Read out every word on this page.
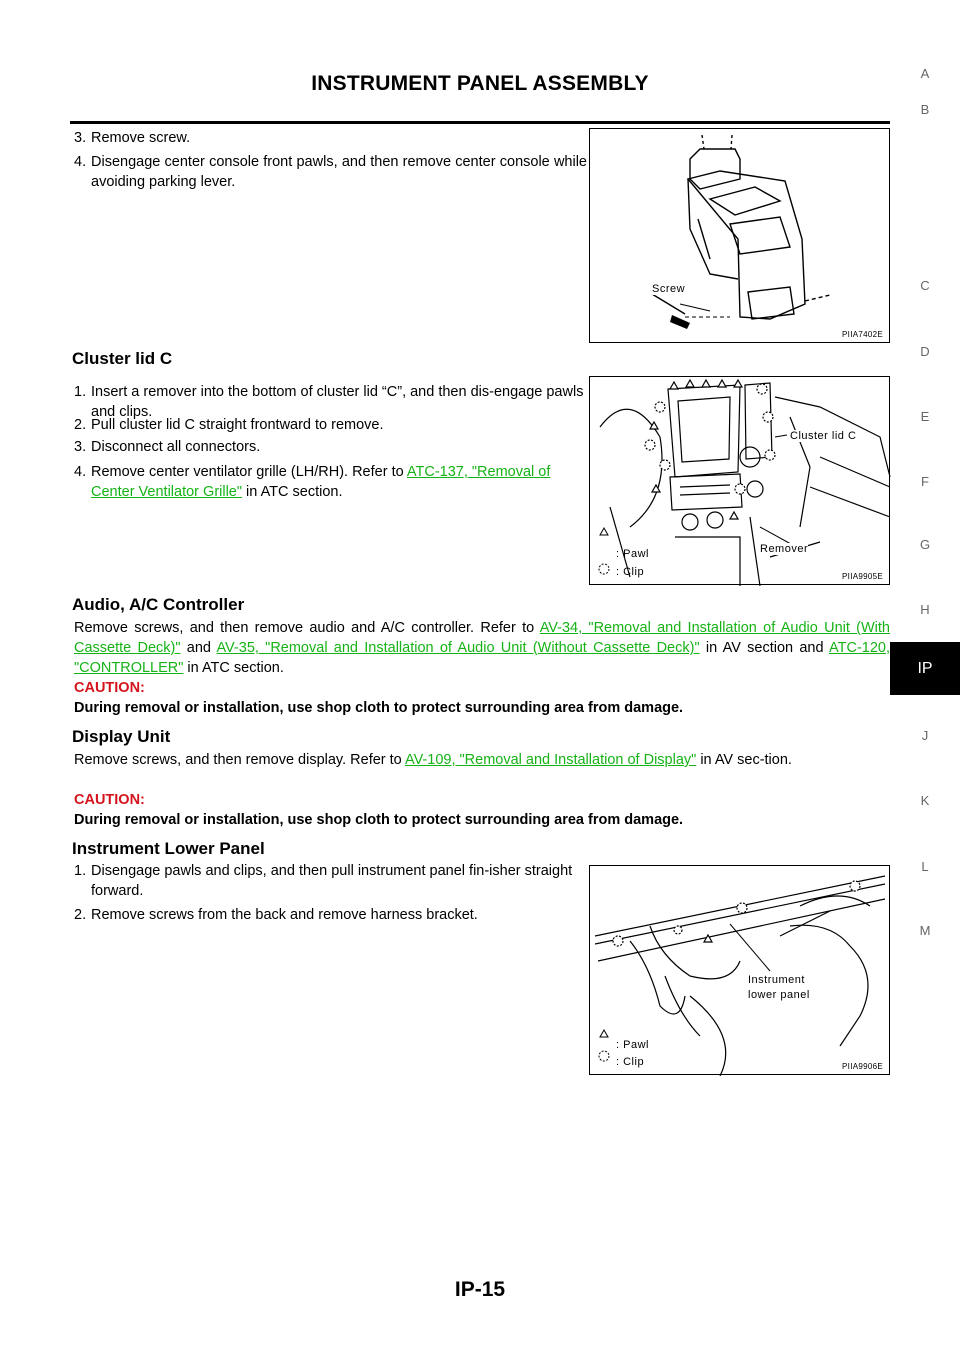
INSTRUMENT PANEL ASSEMBLY	A
B
C
D
E
F
G
H
IP
J
K
L
M
3. Remove screw.
4. Disengage center console front pawls, and then remove center console while avoiding parking lever.
Screw
PIIA7402E
Cluster lid C
1. Insert a remover into the bottom of cluster lid “C”, and then dis-engage pawls and clips.
2. Pull cluster lid C straight frontward to remove.
3. Disconnect all connectors.
4. Remove center ventilator grille (LH/RH). Refer to ATC-137, "Removal of Center Ventilator Grille" in ATC section.
Cluster lid C
Remover
: Pawl
: Clip	PIIA9905E
Audio, A/C Controller
Remove screws, and then remove audio and A/C controller. Refer to AV-34, "Removal and Installation of Audio Unit (With Cassette Deck)" and AV-35, "Removal and Installation of Audio Unit (Without Cassette Deck)" in AV section and ATC-120, "CONTROLLER" in ATC section.
CAUTION:
During removal or installation, use shop cloth to protect surrounding area from damage.
Display Unit
Remove screws, and then remove display. Refer to AV-109, "Removal and Installation of Display" in AV sec-tion.
CAUTION:
During removal or installation, use shop cloth to protect surrounding area from damage.
Instrument Lower Panel
1. Disengage pawls and clips, and then pull instrument panel fin-isher straight forward.
2. Remove screws from the back and remove harness bracket.
Instrument
lower panel
: Pawl
: Clip	PIIA9906E
IP-15
